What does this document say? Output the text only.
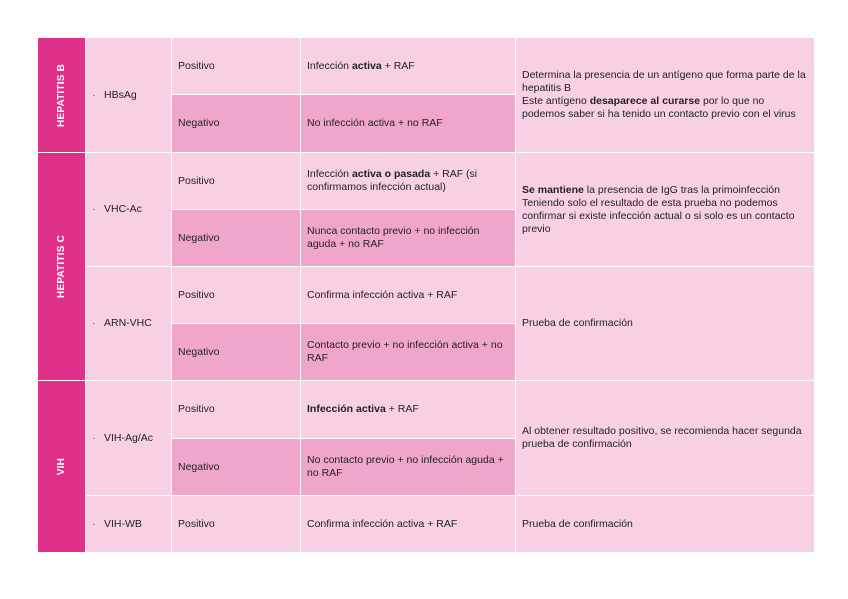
HEPATITIS B	· HBsAg	Positivo	Infección activa + RAF	Determina la presencia de un antígeno que forma parte de la hepatitis B
Este antígeno desaparece al curarse por lo que no podemos saber si ha tenido un contacto previo con el virus
		Negativo	No infección activa + no RAF	

HEPATITIS C	· VHC-Ac	Positivo	Infección activa o pasada + RAF (si confirmamos infección actual)	Se mantiene la presencia de IgG tras la primoinfección
Teniendo solo el resultado de esta prueba no podemos confirmar si existe infección actual o si solo es un contacto previo
		Negativo	Nunca contacto previo + no infección aguda + no RAF	
	· ARN-VHC	Positivo	Confirma infección activa + RAF	Prueba de confirmación
		Negativo	Contacto previo + no infección activa + no RAF	

VIH	· VIH-Ag/Ac	Positivo	Infección activa + RAF	Al obtener resultado positivo, se recomienda hacer segunda prueba de confirmación
		Negativo	No contacto previo + no infección aguda + no RAF	
	· VIH-WB	Positivo	Confirma infección activa + RAF	Prueba de confirmación
